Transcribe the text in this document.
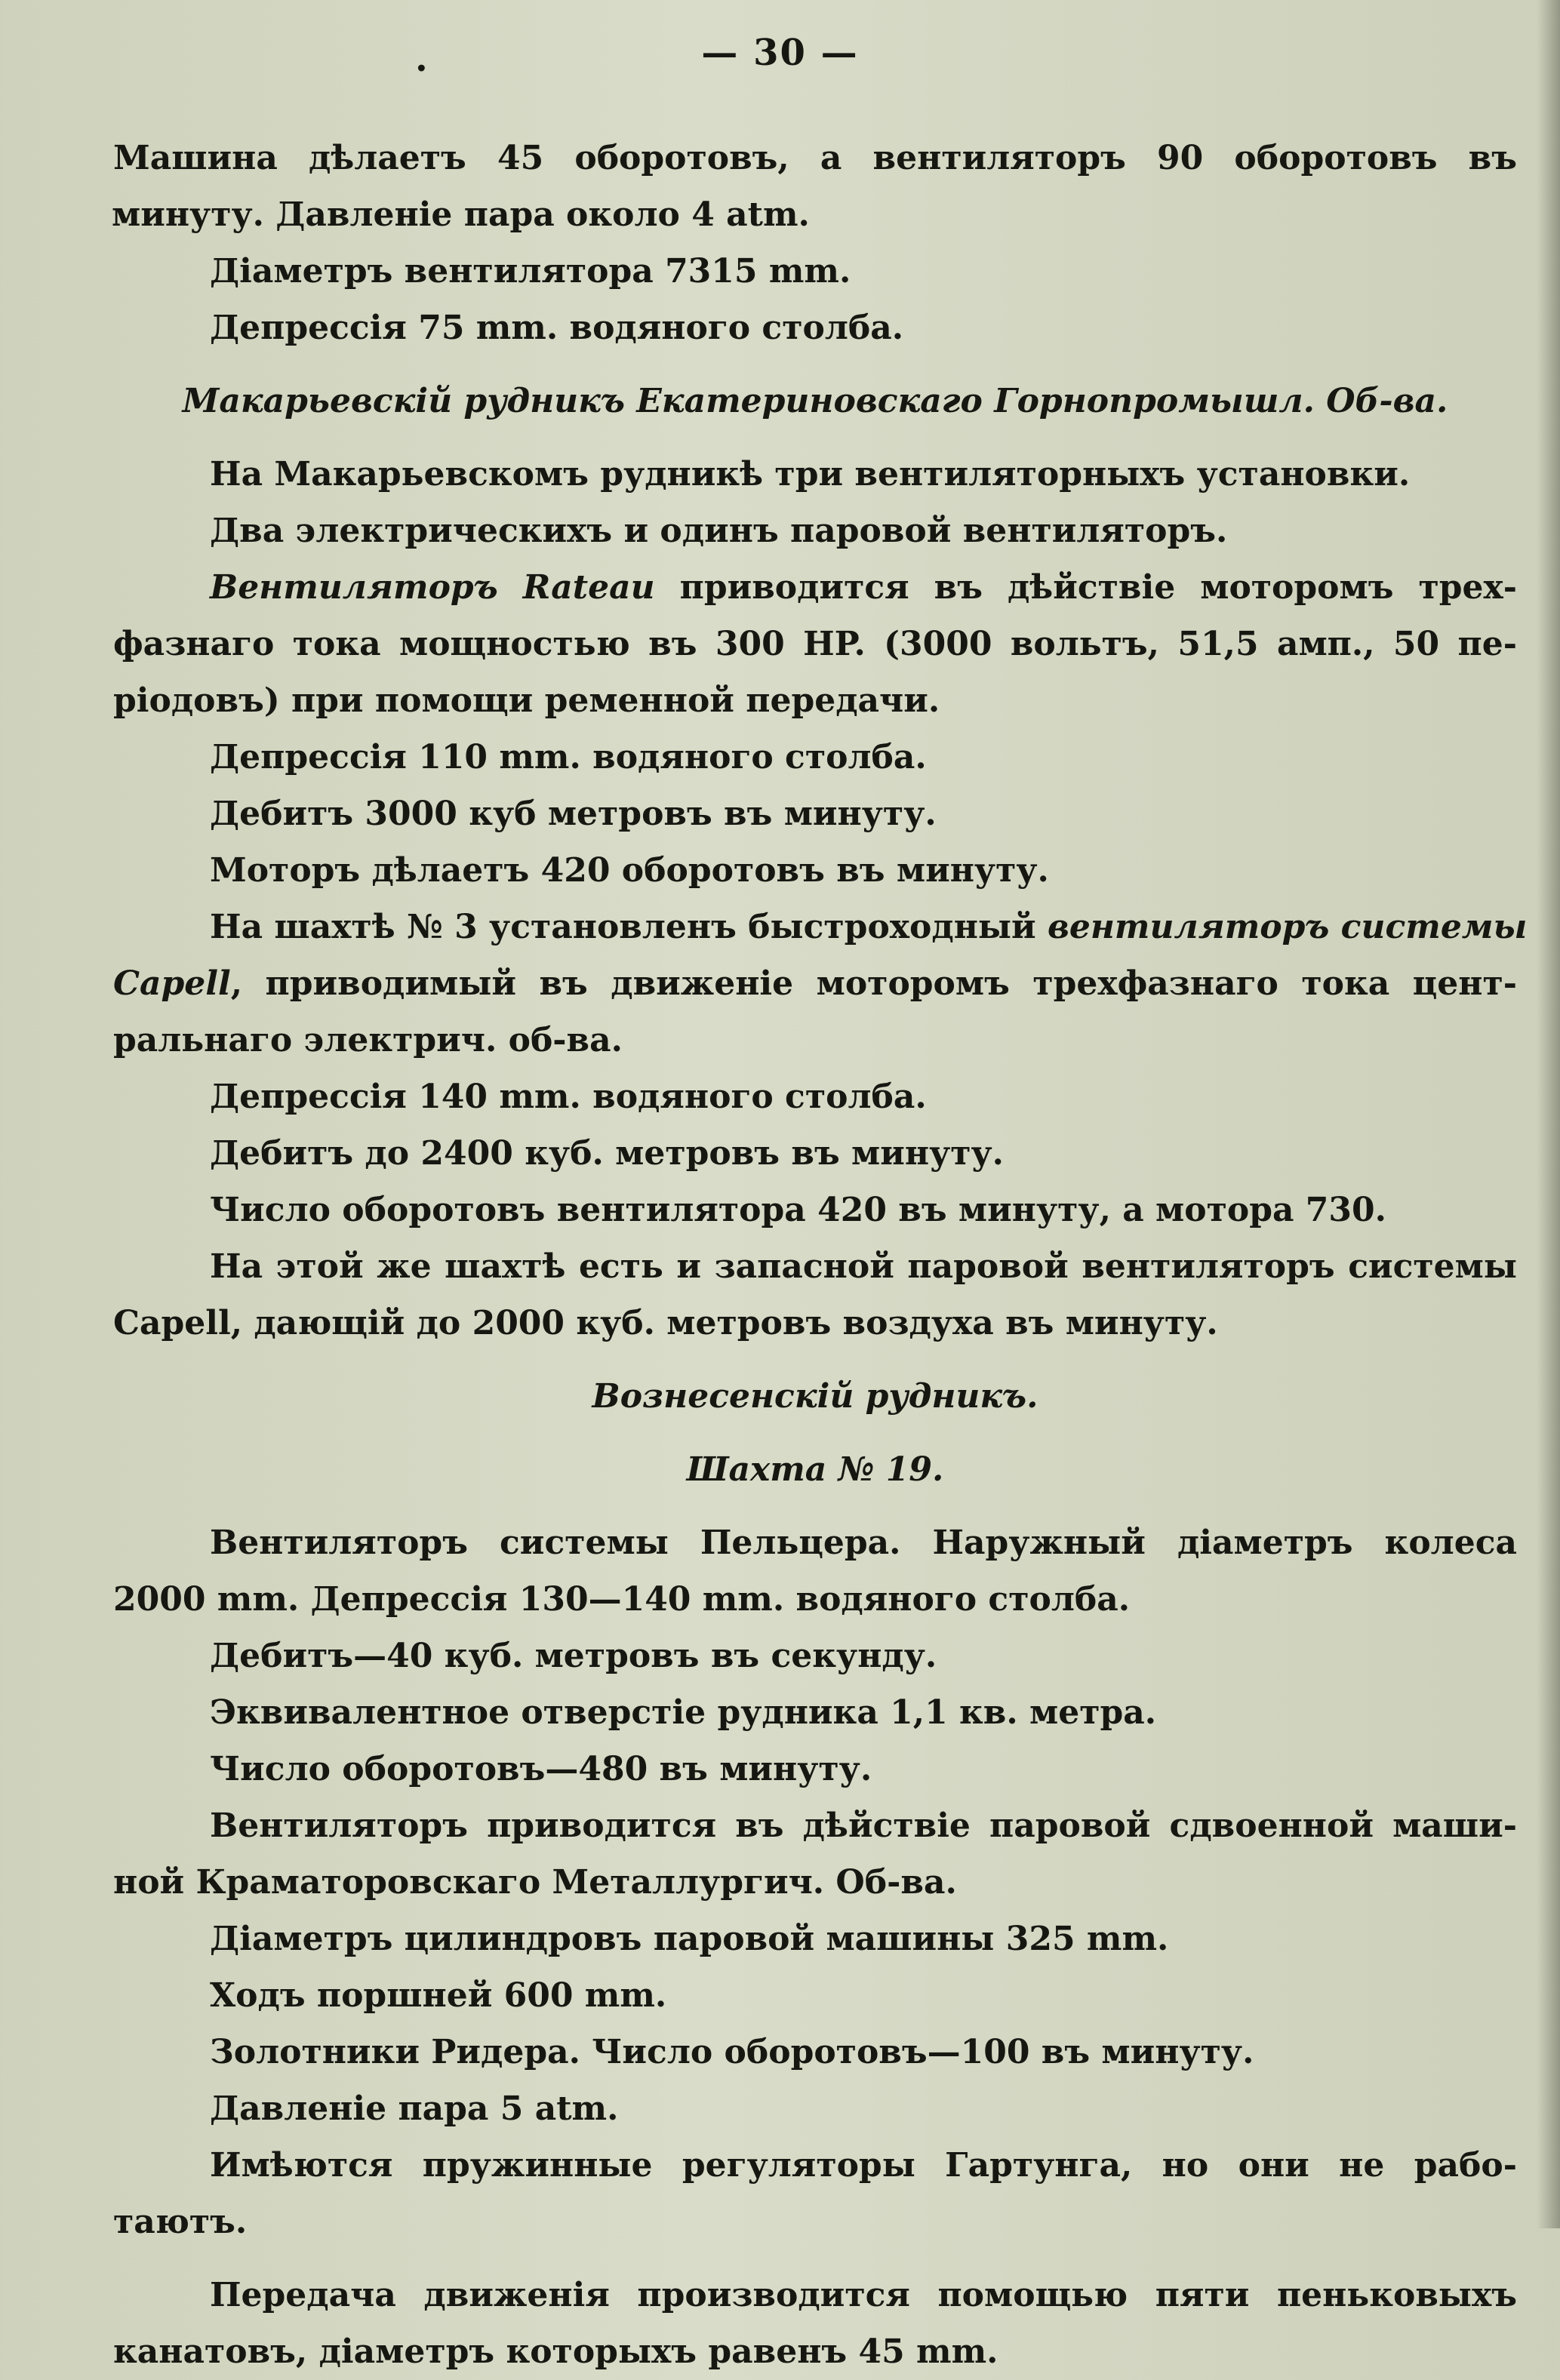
.	— 30 —
Машина дѣлаетъ 45 оборотовъ, а вентиляторъ 90 оборотовъ въ
минуту. Давленіе пара около 4 atm.
Діаметръ вентилятора 7315 mm.
Депрессія 75 mm. водяного столба.
Макарьевскій рудникъ Екатериновскаго Горнопромышл. Об-ва.
На Макарьевскомъ рудникѣ три вентиляторныхъ установки.
Два электрическихъ и одинъ паровой вентиляторъ.
Вентиляторъ Rateau приводится въ дѣйствіе моторомъ трех-
фазнаго тока мощностью въ 300 HP. (3000 вольтъ, 51,5 амп., 50 пе-
ріодовъ) при помощи ременной передачи.
Депрессія 110 mm. водяного столба.
Дебитъ 3000 куб метровъ въ минуту.
Моторъ дѣлаетъ 420 оборотовъ въ минуту.
На шахтѣ № 3 установленъ быстроходный вентиляторъ системы
Capell, приводимый въ движеніе моторомъ трехфазнаго тока цент-
ральнаго электрич. об-ва.
Депрессія 140 mm. водяного столба.
Дебитъ до 2400 куб. метровъ въ минуту.
Число оборотовъ вентилятора 420 въ минуту, а мотора 730.
На этой же шахтѣ есть и запасной паровой вентиляторъ системы
Capell, дающій до 2000 куб. метровъ воздуха въ минуту.
Вознесенскій рудникъ.
Шахта № 19.
Вентиляторъ системы Пельцера. Наружный діаметръ колеса
2000 mm. Депрессія 130—140 mm. водяного столба.
Дебитъ—40 куб. метровъ въ секунду.
Эквивалентное отверстіе рудника 1,1 кв. метра.
Число оборотовъ—480 въ минуту.
Вентиляторъ приводится въ дѣйствіе паровой сдвоенной маши-
ной Краматоровскаго Металлургич. Об-ва.
Діаметръ цилиндровъ паровой машины 325 mm.
Ходъ поршней 600 mm.
Золотники Ридера. Число оборотовъ—100 въ минуту.
Давленіе пара 5 atm.
Имѣются пружинные регуляторы Гартунга, но они не рабо-
таютъ.
Передача движенія производится помощью пяти пеньковыхъ
канатовъ, діаметръ которыхъ равенъ 45 mm.
